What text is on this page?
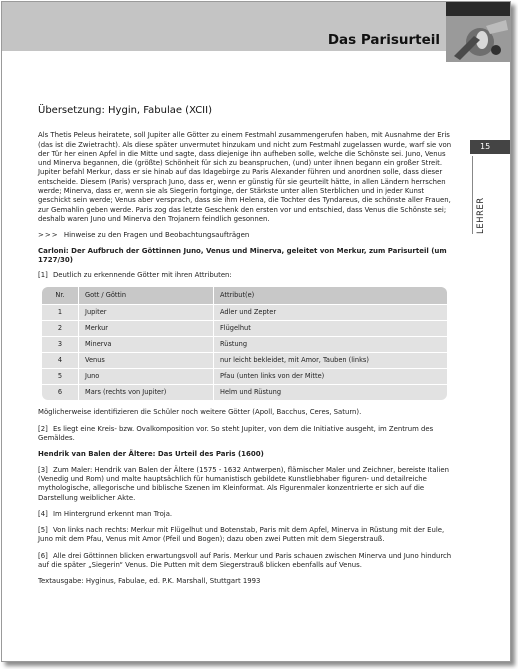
Das Parisurteil
15
LEHRER
Übersetzung: Hygin, Fabulae (XCII)

Als Thetis Peleus heiratete, soll Jupiter alle Götter zu einem Festmahl zusammengerufen haben, mit Ausnahme der Eris (das ist die Zwietracht). Als diese später unvermutet hinzukam und nicht zum Festmahl zugelassen wurde, warf sie von der Tür her einen Apfel in die Mitte und sagte, dass diejenige ihn aufheben solle, welche die Schönste sei. Juno, Venus und Minerva begannen, die (größte) Schönheit für sich zu beanspruchen, (und) unter ihnen begann ein großer Streit. Jupiter befahl Merkur, dass er sie hinab auf das Idagebirge zu Paris Alexander führen und anordnen solle, dass dieser entscheide. Diesem (Paris) versprach Juno, dass er, wenn er günstig für sie geurteilt hätte, in allen Ländern herrschen werde; Minerva, dass er, wenn sie als Siegerin fortginge, der Stärkste unter allen Sterblichen und in jeder Kunst geschickt sein werde; Venus aber versprach, dass sie ihm Helena, die Tochter des Tyndareus, die schönste aller Frauen, zur Gemahlin geben werde. Paris zog das letzte Geschenk den ersten vor und entschied, dass Venus die Schönste sei; deshalb waren Juno und Minerva den Trojanern feindlich gesonnen.

>>> Hinweise zu den Fragen und Beobachtungsaufträgen
Carloni: Der Aufbruch der Göttinnen Juno, Venus und Minerva, geleitet von Merkur, zum Parisurteil (um 1727/30)
[1] Deutlich zu erkennende Götter mit ihren Attributen:
Nr.	Gott / Göttin	Attribut(e)
1	Jupiter	Adler und Zepter
2	Merkur	Flügelhut
3	Minerva	Rüstung
4	Venus	nur leicht bekleidet, mit Amor, Tauben (links)
5	Juno	Pfau (unten links von der Mitte)
6	Mars (rechts von Jupiter)	Helm und Rüstung

Möglicherweise identifizieren die Schüler noch weitere Götter (Apoll, Bacchus, Ceres, Saturn).

[2] Es liegt eine Kreis- bzw. Ovalkomposition vor. So steht Jupiter, von dem die Initiative ausgeht, im Zentrum des Gemäldes.

Hendrik van Balen der Ältere: Das Urteil des Paris (1600)

[3] Zum Maler: Hendrik van Balen der Ältere (1575 - 1632 Antwerpen), flämischer Maler und Zeichner, bereiste Italien (Venedig und Rom) und malte hauptsächlich für humanistisch gebildete Kunstliebhaber figuren- und detailreiche mythologische, allegorische und biblische Szenen im Kleinformat. Als Figurenmaler konzentrierte er sich auf die Darstellung weiblicher Akte.

[4] Im Hintergrund erkennt man Troja.

[5] Von links nach rechts: Merkur mit Flügelhut und Botenstab, Paris mit dem Apfel, Minerva in Rüstung mit der Eule, Juno mit dem Pfau, Venus mit Amor (Pfeil und Bogen); dazu oben zwei Putten mit dem Siegerstrauß.

[6] Alle drei Göttinnen blicken erwartungsvoll auf Paris. Merkur und Paris schauen zwischen Minerva und Juno hindurch auf die später „Siegerin“ Venus. Die Putten mit dem Siegerstrauß blicken ebenfalls auf Venus.

Textausgabe: Hyginus, Fabulae, ed. P.K. Marshall, Stuttgart 1993
